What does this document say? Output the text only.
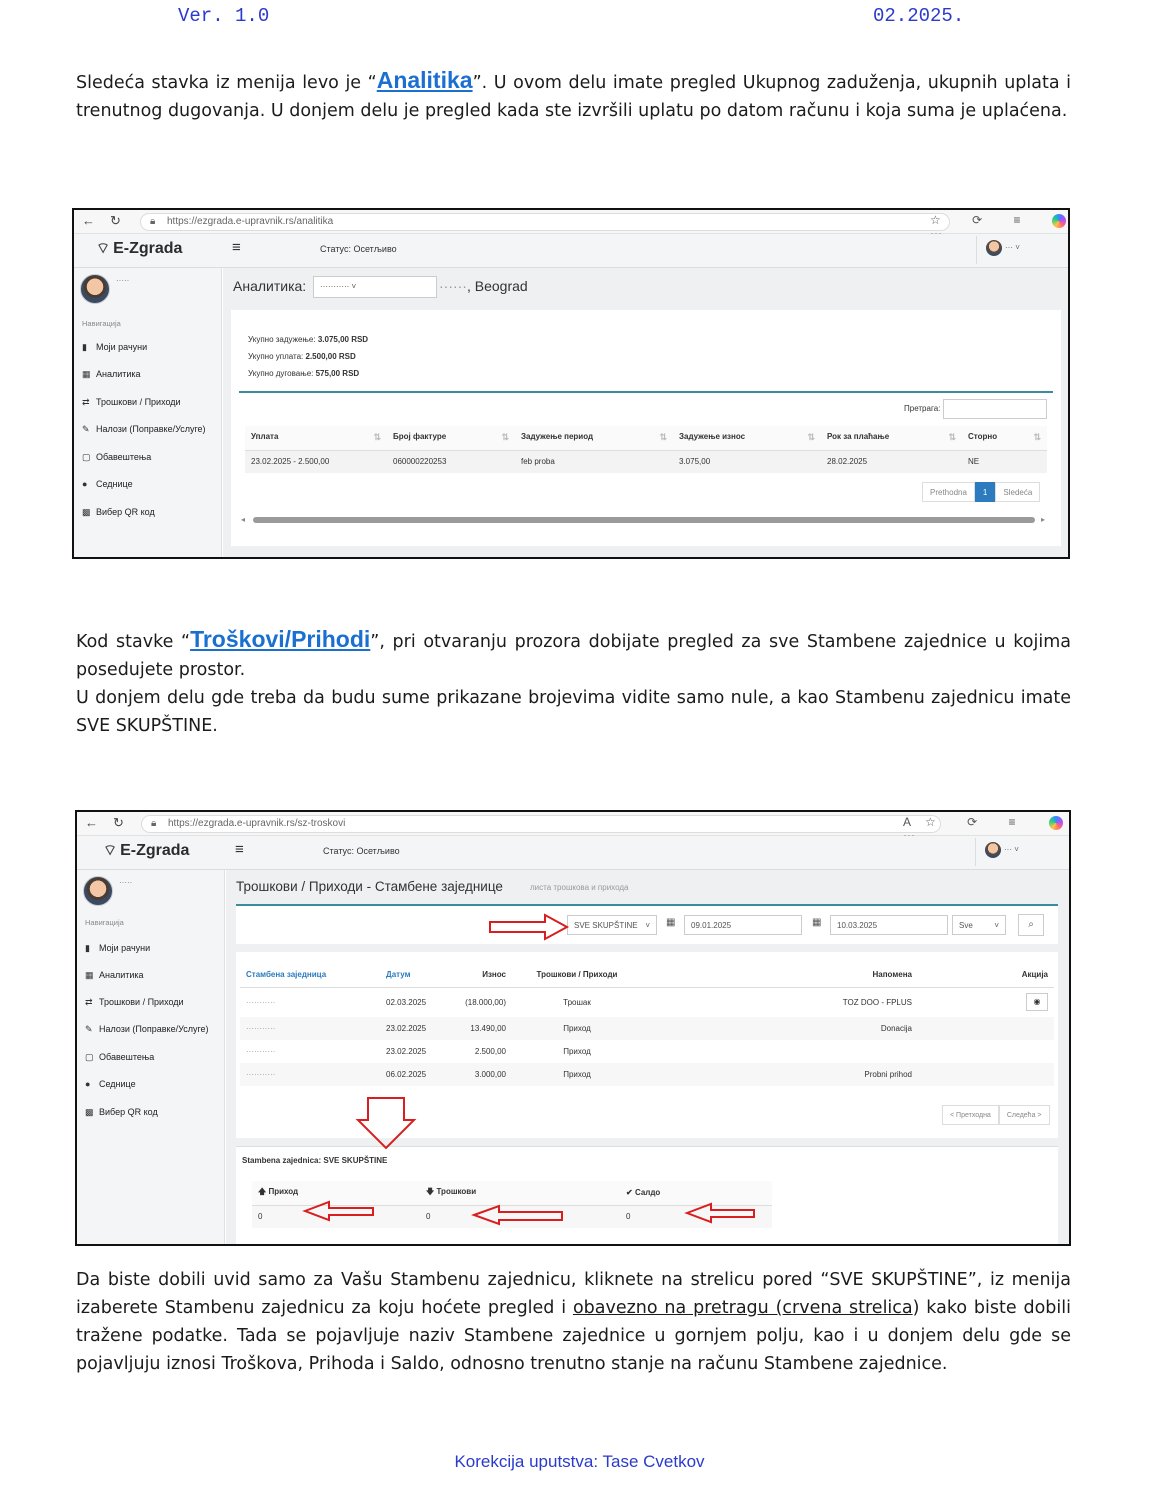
Ver. 1.0	02.2025.
Sledeća stavka iz menija levo je “Analitika”. U ovom delu imate pregled Ukupnog zaduženja, ukupnih uplata i trenutnog dugovanja. U donjem delu je pregled kada ste izvršili uplatu po datom računu i koja suma je uplaćena.
← ↻	🔒︎ https://ezgrada.e-upravnik.rs/analitika	☆ ⟳ ≡
⌔ E-Zgrada	≡	Статус: Осетљиво	··· ˅
·····
Навигација
▮ Моји рачуни
▦ Аналитика
⇄ Трошкови / Приходи
✎ Налози (Поправке/Услуге)
▢ Обавештења
● Седнице
▩ Вибер QR код
Аналитика:	··········· ˅	······, Beograd
Укупно задужење: 3.075,00 RSD
Укупно уплата: 2.500,00 RSD
Укупно дуговање: 575,00 RSD
Претрага:
Уплата ⇅	Број фактуре ⇅	Задужење период ⇅	Задужење износ ⇅	Рок за плаћање ⇅	Сторно ⇅

23.02.2025 - 2.500,00	060000220253	feb proba	3.075,00	28.02.2025	NE
Prethodna 1 Sledeća
◂	▸
Kod stavke “Troškovi/Prihodi”, pri otvaranju prozora dobijate pregled za sve Stambene zajednice u kojima posedujete prostor.
U donjem delu gde treba da budu sume prikazane brojevima vidite samo nule, a kao Stambenu zajednicu imate SVE SKUPŠTINE.
← ↻	🔒︎ https://ezgrada.e-upravnik.rs/sz-troskovi	A☆ ⟳ ≡
⌔ E-Zgrada	≡	Статус: Осетљиво	··· ˅
·····
Навигација
▮ Моји рачуни
▦ Аналитика
⇄ Трошкови / Приходи
✎ Налози (Поправке/Услуге)
▢ Обавештења
● Седнице
▩ Вибер QR код
Трошкови / Приходи - Стамбене заједнице	листа трошкова и прихода
SVE SKUPŠTINE ˅ ▦	09.01.2025	▦	10.03.2025	Sve	˅	⌕
Стамбена заједница	Датум	Износ	Трошкови / Приходи	Напомена	Акција
···········	02.03.2025	(18.000,00)	Трошак	TOZ DOO - FPLUS	◉
···········	23.02.2025	13.490,00	Приход	Donacija	
···········	23.02.2025	2.500,00	Приход		
···········	06.02.2025	3.000,00	Приход	Probni prihod	
< Претходна Следећа >
Stambena zajednica: SVE SKUPŠTINE
🡅︎ Приход	🡇︎ Трошкови	✔ Салдо
0	0	0
Da biste dobili uvid samo za Vašu Stambenu zajednicu, kliknete na strelicu pored “SVE SKUPŠTINE”, iz menija izaberete Stambenu zajednicu za koju hoćete pregled i obavezno na pretragu (crvena strelica) kako biste dobili tražene podatke. Tada se pojavljuje naziv Stambene zajednice u gornjem polju, kao i u donjem delu gde se pojavljuju iznosi Troškova, Prihoda i Saldo, odnosno trenutno stanje na računu Stambene zajednice.
Korekcija uputstva: Tase Cvetkov
